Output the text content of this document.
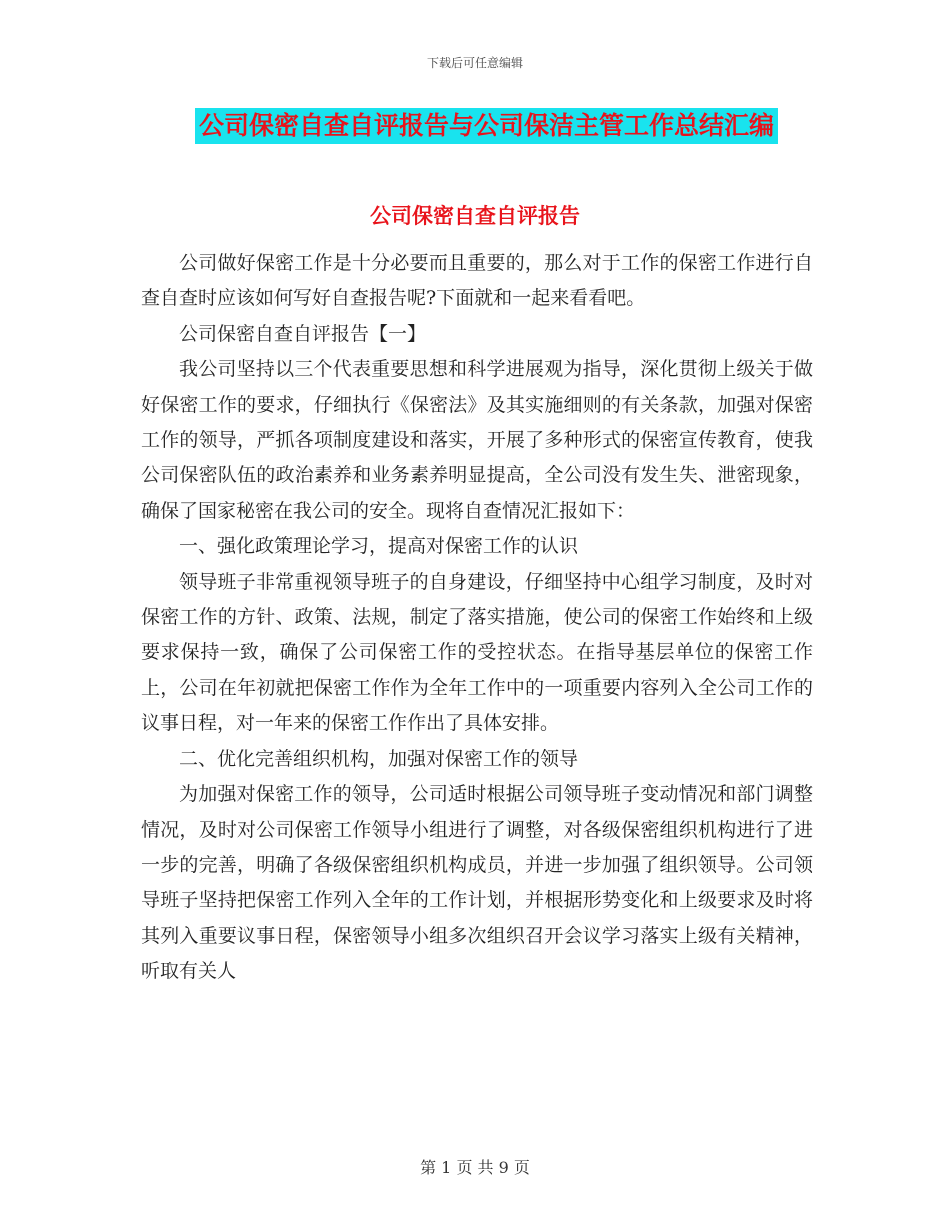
下载后可任意编辑
公司保密自查自评报告与公司保洁主管工作总结汇编
公司保密自查自评报告

公司做好保密工作是十分必要而且重要的，那么对于工作的保密工作进行自查自查时应该如何写好自查报告呢?下面就和一起来看看吧。

公司保密自查自评报告【一】

我公司坚持以三个代表重要思想和科学进展观为指导，深化贯彻上级关于做好保密工作的要求，仔细执行《保密法》及其实施细则的有关条款，加强对保密工作的领导，严抓各项制度建设和落实，开展了多种形式的保密宣传教育，使我公司保密队伍的政治素养和业务素养明显提高，全公司没有发生失、泄密现象，确保了国家秘密在我公司的安全。现将自查情况汇报如下：

一、强化政策理论学习，提高对保密工作的认识

领导班子非常重视领导班子的自身建设，仔细坚持中心组学习制度，及时对保密工作的方针、政策、法规，制定了落实措施，使公司的保密工作始终和上级要求保持一致，确保了公司保密工作的受控状态。在指导基层单位的保密工作上，公司在年初就把保密工作作为全年工作中的一项重要内容列入全公司工作的议事日程，对一年来的保密工作作出了具体安排。

二、优化完善组织机构，加强对保密工作的领导

为加强对保密工作的领导，公司适时根据公司领导班子变动情况和部门调整情况，及时对公司保密工作领导小组进行了调整，对各级保密组织机构进行了进一步的完善，明确了各级保密组织机构成员，并进一步加强了组织领导。公司领导班子坚持把保密工作列入全年的工作计划，并根据形势变化和上级要求及时将其列入重要议事日程，保密领导小组多次组织召开会议学习落实上级有关精神，听取有关人

第 1 页 共 9 页
